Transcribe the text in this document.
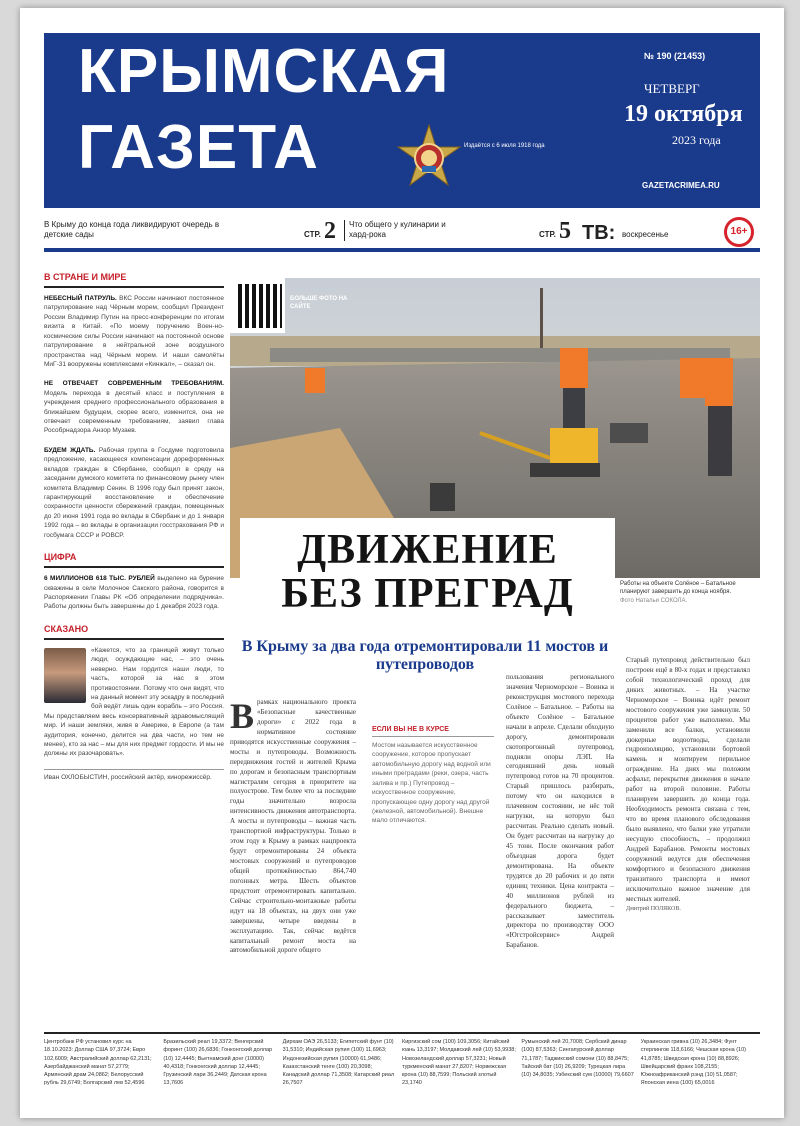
КРЫМСКАЯ
ГАЗЕТА	Издаётся с 6 июля 1918 года
№ 190 (21453)
ЧЕТВЕРГ
19 октября
2023 года
GAZETACRIMEA.RU
В Крыму до конца года ликвидируют очередь в детские сады	СТР. 2	Что общего у кулинарии и хард-рока	СТР. 5 ТВ: воскресенье	16+
В СТРАНЕ И МИРЕ

НЕБЕСНЫЙ ПАТРУЛЬ. ВКС России начинают постоянное патрулирование над Чёрным морем, сообщил Президент России Владимир Путин на пресс-конференции по итогам визита в Китай. «По моему поручению Воен-но-космические силы России начинают на постоянной основе патрулирование в нейтральной зоне воздушного пространства над Чёрным морем. И наши самолёты МиГ-31 вооружены комплексами «Кинжал», – сказал он.

НЕ ОТВЕЧАЕТ СОВРЕМЕННЫМ ТРЕБОВАНИЯМ. Модель перехода в десятый класс и поступления в учреждения среднего профессионального образования в ближайшем будущем, скорее всего, изменится, она не отвечает современным требованиям, заявил глава Рособрнадзора Анзор Музаев.

БУДЕМ ЖДАТЬ. Рабочая группа в Госдуме подготовила предложение, касающееся компенсации дореформенных вкладов граждан в Сбербанке, сообщил в среду на заседании думского комитета по финансовому рынку член комитета Владимир Сенин. В 1996 году был принят закон, гарантирующий восстановление и обеспечение сохранности ценности сбережений граждан, помещенных до 20 июня 1991 года во вклады в Сбербанк и до 1 января 1992 года – во вклады в организации госстрахования РФ и госбумага СССР и РОВСР.

ЦИФРА

6 МИЛЛИОНОВ 618 ТЫС. РУБЛЕЙ выделено на бурение скважины в селе Молочное Сакского района, говорится в Распоряжении Главы РК «Об определении подрядчика». Работы должны быть завершены до 1 декабря 2023 года.

СКАЗАНО

«Кажется, что за границей живут только люди, осуждающие нас, – это очень неверно. Нам гордится наши люди, то часть, которой за нас в этом противостоянии. Потому что они видят, что на данный момент эту эскадру в последний бой ведёт лишь один корабль – это Россия. Мы представляем весь консервативный здравомыслящий мир. И наши земляки, живя в Америке, в Европе (а там аудитория, конечно, делится на два части, но тем не менее), кто за нас – мы для них предмет гордости. И мы не должны их разочаровать».

Иван ОХЛОБЫСТИН, российский актёр, кинорежиссёр.

БОЛЬШЕ ФОТО НА САЙТЕ
Работы на объекте Солёное – Батальное планируют завершить до конца ноября.
Фото Натальи СОКОЛА.
ДВИЖЕНИЕ
БЕЗ ПРЕГРАД
В Крыму за два года отремонтировали 11 мостов и путепроводов
В рамках национального проекта «Безопасные качественные дороги» с 2022 года в нормативное состояние приводятся искусственные сооружения – мосты и путепроводы. Возможность передвижения гостей и жителей Крыма по дорогам и безопасным транспортным магистралям сегодня в приоритете на полуострове. Тем более что за последние годы значительно возросла интенсивность движения автотранспорта. А мосты и путепроводы – важная часть транспортной инфраструктуры. Только в этом году в Крыму в рамках нацпроекта будут отремонтированы 24 объекта мостовых сооружений и путепроводов общей протяжённостью 864,740 погонных метра. Шесть объектов предстоит отремонтировать капитально. Сейчас строительно-монтажные работы идут на 18 объектах, на двух они уже завершены, четыре введены в эксплуатацию. Так, сейчас ведётся капитальный ремонт моста на автомобильной дороге общего
ЕСЛИ ВЫ НЕ В КУРСЕ
Мостом называется искусственное сооружение, которое пропускает автомобильную дорогу над водной или иными преградами (реки, озера, часть залива и пр.) Путепровод – искусственное сооружение, пропускающее одну дорогу над другой (железной, автомобильной). Внешне мало отличаются.
пользования регионального значения Черноморское – Воинка и реконструкция мостового перехода Солёное – Батальное. – Работы на объекте Солёное – Батальное начали в апреле. Сделали обходную дорогу, демонтировали скотопрогонный путепровод, подняли опоры ЛЭП. На сегодняшний день новый путепровод готов на 70 процентов. Старый пришлось разбирать, потому что он находился в плачевном состоянии, не нёс той нагрузки, на которую был рассчитан. Реально сделать новый. Он будет рассчитан на нагрузку до 45 тонн. После окончания работ объездная дорога будет демонтирована. На объекте трудятся до 20 рабочих и до пяти единиц техники. Цена контракта – 40 миллионов рублей из федерального бюджета, – рассказывает заместитель директора по производству ООО «Югстройсервис» Андрей Барабанов.
Старый путепровод действительно был построен ещё в 80-х годах и представлял собой технологический проход для диких животных. – На участке Черноморское – Воинка идёт ремонт мостового сооружения уже замкнули. 50 процентов работ уже выполнено. Мы заменили все балки, установили дюкерные водоотводы, сделали гидроизоляцию, установили бортовой камень и монтируем перильное ограждение. На днях мы положим асфальт, перекрытия движения в начале работ на второй половине. Работы планируем завершить до конца года. Необходимость ремонта связана с тем, что во время планового обследования было выявлено, что балки уже утратили несущую способность, – продолжил Андрей Барабанов. Ремонты мостовых сооружений ведутся для обеспечения комфортного и безопасного движения транзитного транспорта и имеют исключительно важное значение для местных жителей.
Дмитрий ПОЛЯКОВ.
Центробанк РФ установил курс на 18.10.2023: Доллар США 97,3724; Евро 102,6009; Австралийский доллар 62,2131; Азербайджанский манат 57,2779; Армянский драм 24,0862; Белорусский рубль 29,6749; Болгарский лев 52,4596
Бразильский реал 19,3372; Венгерский форинт (100) 26,6836; Гонконгский доллар (10) 12,4445; Вьетнамский донг (10000) 40,4318; Гонконгский доллар 12,4445; Грузинский лари 36,2449; Датская крона 13,7606
Дирхам ОАЭ 26,5133; Египетский фунт (10) 31,5310; Индийская рупия (100) 11,6963; Индонезийская рупия (10000) 61,9486; Казахстанский тенге (100) 20,3098; Канадский доллар 71,3508; Катарский риал 26,7507
Киргизский сом (100) 109,3056; Китайский юань 13,3197; Молдавский лей (10) 53,9938; Новозеландский доллар 57,3231; Новый туркменский манат 27,8207; Норвежская крона (10) 88,7599; Польский злотый 23,1740
Румынский лей 20,7008; Сербский динар (100) 87,5363; Сингапурский доллар 71,1787; Таджикский сомони (10) 88,8475; Тайский бат (10) 26,9209; Турецкая лира (10) 34,8035; Узбекский сум (10000) 79,6607
Украинская гривна (10) 26,3484; Фунт стерлингов 118,6166; Чешская крона (10) 41,8785; Шведская крона (10) 88,8926; Швейцарский франк 108,2155; Южноафриканский рэнд (10) 51,0587; Японская иена (100) 65,0016
